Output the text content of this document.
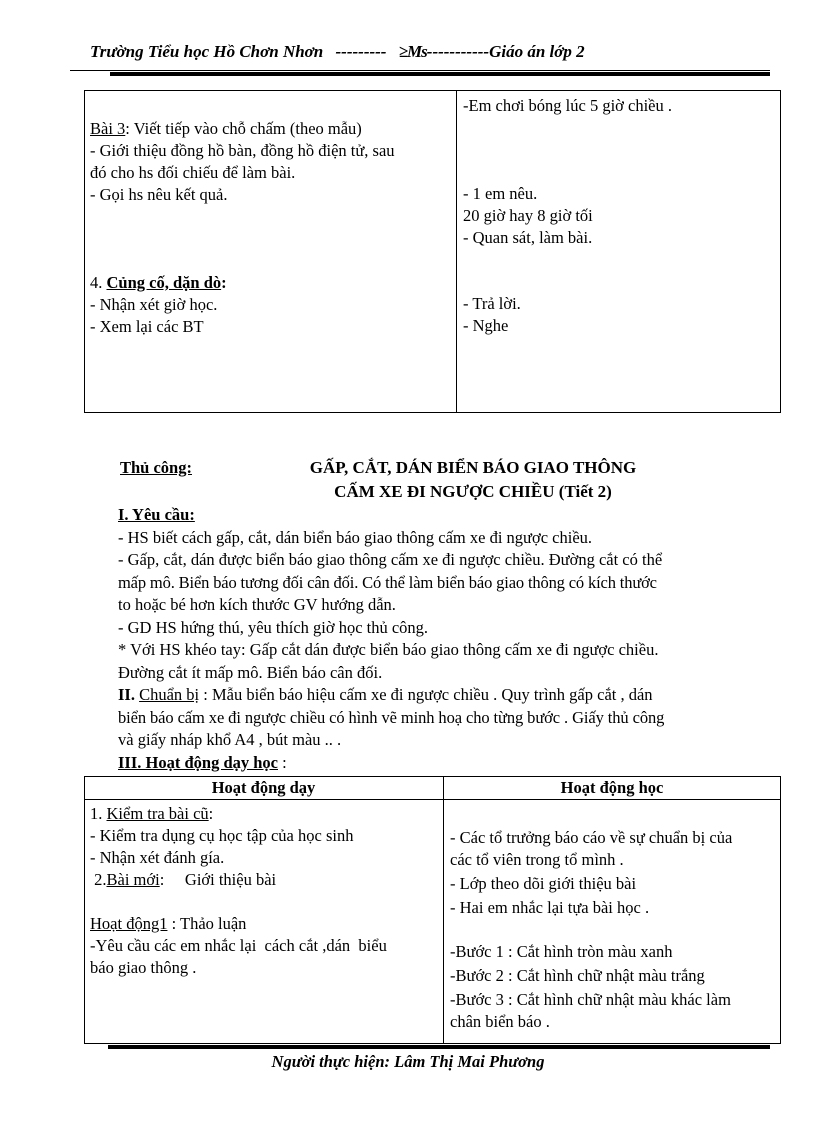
Trường Tiểu học Hồ Chơn Nhơn --------- ≥Ms-----------Giáo án lớp 2

Bài 3: Viết tiếp vào chỗ chấm (theo mẫu)

- Giới thiệu đồng hồ bàn, đồng hồ điện tử, sau

đó cho hs đối chiếu để làm bài.

- Gọi hs nêu kết quả.

4. Củng cố, dặn dò:

- Nhận xét giờ học.

- Xem lại các BT

-Em chơi bóng lúc 5 giờ chiều .

- 1 em nêu.

20 giờ hay 8 giờ tối

- Quan sát, làm bài.

- Trả lời.

- Nghe

Thủ công:	GẤP, CẮT, DÁN BIỂN BÁO GIAO THÔNG
CẤM XE ĐI NGƯỢC CHIỀU (Tiết 2)

I. Yêu cầu:

- HS biết cách gấp, cắt, dán biển báo giao thông cấm xe đi ngược chiều.

- Gấp, cắt, dán được biển báo giao thông cấm xe đi ngược chiều. Đường cắt có thể

mấp mô. Biển báo tương đối cân đối. Có thể làm biển báo giao thông có kích thước

to hoặc bé hơn kích thước GV hướng dẫn.

- GD HS hứng thú, yêu thích giờ học thủ công.

* Với HS khéo tay: Gấp cắt dán được biển báo giao thông cấm xe đi ngược chiều.

Đường cắt ít mấp mô. Biển báo cân đối.

II. Chuẩn bị : Mẫu biển báo hiệu cấm xe đi ngược chiều . Quy trình gấp cắt , dán

biển báo cấm xe đi ngược chiều có hình vẽ minh hoạ cho từng bước . Giấy thủ công

và giấy nháp khổ A4 , bút màu .. .

III. Hoạt động dạy học :

Hoạt động dạy	Hoạt động học

1. Kiểm tra bài cũ:

- Kiểm tra dụng cụ học tập của học sinh

- Nhận xét đánh gía.

2.Bài mới:     Giới thiệu bài

Hoạt động1 : Thảo luận

-Yêu cầu các em nhắc lại  cách cắt ,dán  biểu

báo giao thông .

- Các tổ trưởng báo cáo về sự chuẩn bị của

các tổ viên trong tổ mình .

- Lớp theo dõi giới thiệu bài

- Hai em nhắc lại tựa bài học .

-Bước 1 : Cắt hình tròn màu xanh

-Bước 2 : Cắt hình chữ nhật màu trắng

-Bước 3 : Cắt hình chữ nhật màu khác làm

chân biển báo .

Người thực hiện: Lâm Thị Mai Phương
